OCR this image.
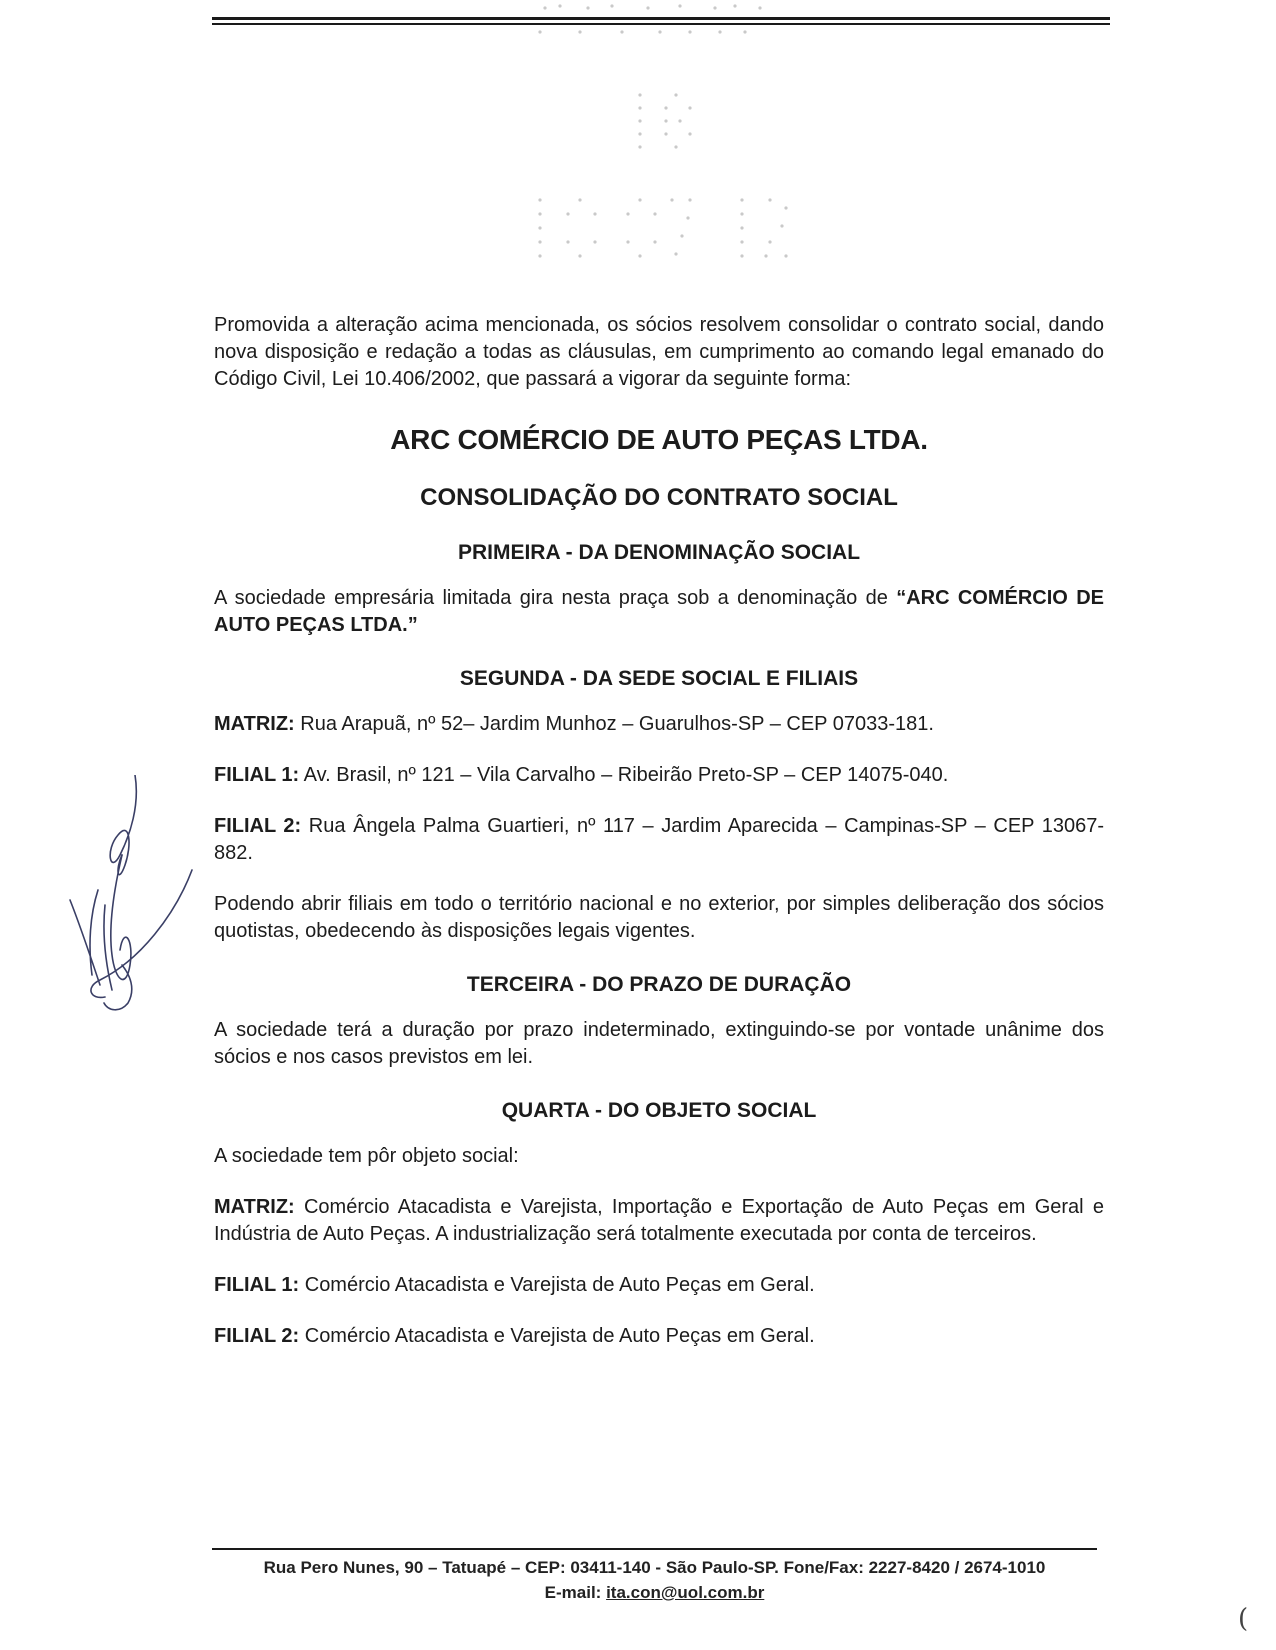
Promovida a alteração acima mencionada, os sócios resolvem consolidar o contrato social, dando nova disposição e redação a todas as cláusulas, em cumprimento ao comando legal emanado do Código Civil, Lei 10.406/2002, que passará a vigorar da seguinte forma:

ARC COMÉRCIO DE AUTO PEÇAS LTDA.
CONSOLIDAÇÃO DO CONTRATO SOCIAL
PRIMEIRA - DA DENOMINAÇÃO SOCIAL

A sociedade empresária limitada gira nesta praça sob a denominação de “ARC COMÉRCIO DE AUTO PEÇAS LTDA.”

SEGUNDA - DA SEDE SOCIAL E FILIAIS

MATRIZ: Rua Arapuã, nº 52– Jardim Munhoz – Guarulhos-SP – CEP 07033-181.

FILIAL 1: Av. Brasil, nº 121 – Vila Carvalho – Ribeirão Preto-SP – CEP 14075-040.

FILIAL 2: Rua Ângela Palma Guartieri, nº 117 – Jardim Aparecida – Campinas-SP – CEP 13067-882.

Podendo abrir filiais em todo o território nacional e no exterior, por simples deliberação dos sócios quotistas, obedecendo às disposições legais vigentes.

TERCEIRA - DO PRAZO DE DURAÇÃO

A sociedade terá a duração por prazo indeterminado, extinguindo-se por vontade unânime dos sócios e nos casos previstos em lei.

QUARTA - DO OBJETO SOCIAL

A sociedade tem pôr objeto social:

MATRIZ: Comércio Atacadista e Varejista, Importação e Exportação de Auto Peças em Geral e Indústria de Auto Peças. A industrialização será totalmente executada por conta de terceiros.

FILIAL 1: Comércio Atacadista e Varejista de Auto Peças em Geral.

FILIAL 2: Comércio Atacadista e Varejista de Auto Peças em Geral.

Rua Pero Nunes, 90 – Tatuapé – CEP: 03411-140 - São Paulo-SP. Fone/Fax: 2227-8420 / 2674-1010
E-mail: ita.con@uol.com.br
(
